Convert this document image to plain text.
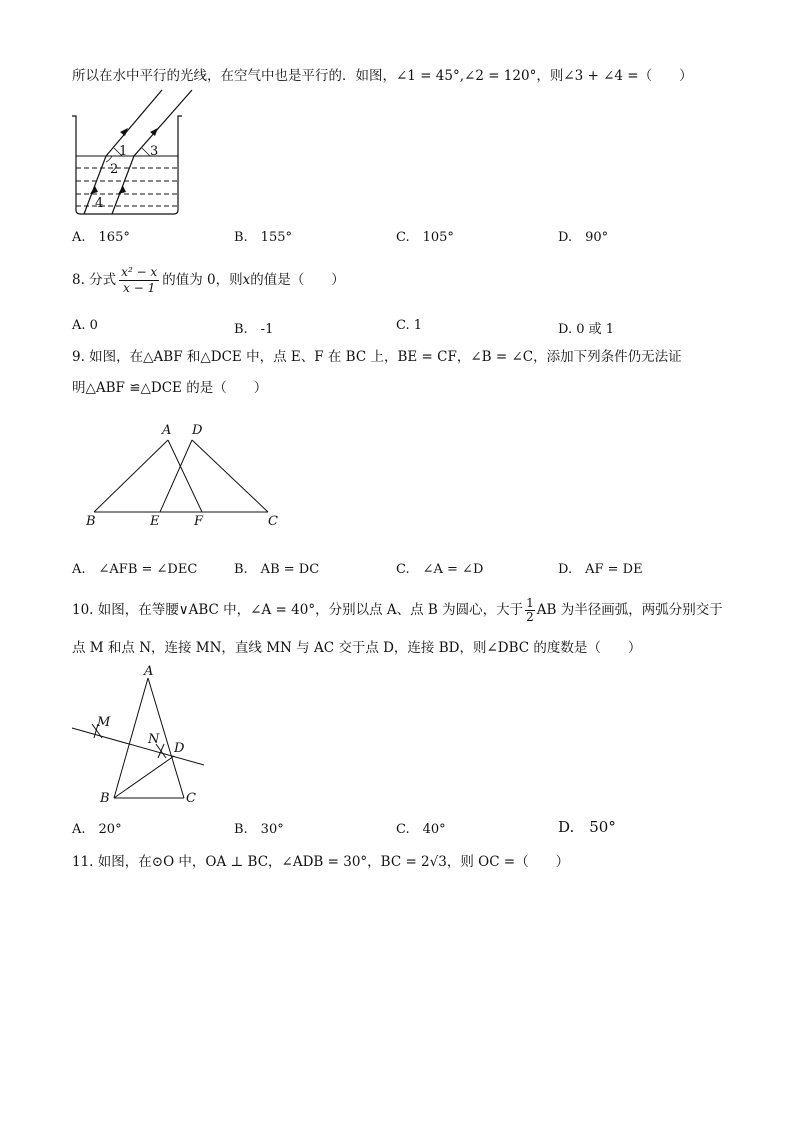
所以在水中平行的光线，在空气中也是平行的．如图，∠1 = 45°,∠2 = 120°，则∠3 + ∠4 =（　　）
1 3
2
4
A.　165°	B.　155°	C.　105°	D.　90°
8. 分式 $\frac{\text{x² − x}}{x - 1}$ 的值为 0，则x的值是（　　）
A. 0	B.　-1	C. 1	D. 0 或 1
9. 如图，在△ABF 和△DCE 中，点 E、F 在 BC 上，BE = CF，∠B = ∠C，添加下列条件仍无法证
明△ABF ≌△DCE 的是（　　）
A D
B	E	F	C
A.　∠AFB = ∠DEC	B.　AB = DC	C.　∠A = ∠D	D.　AF = DE
10. 如图，在等腰∨ABC 中，∠A = 40°，分别以点 A、点 B 为圆心，大于 $\frac{1}{2}$ AB 为半径画弧，两弧分别交于
点 M 和点 N，连接 MN，直线 MN 与 AC 交于点 D，连接 BD，则∠DBC 的度数是（　　）
A
M
N
D
B	C
A.　20°	B.　30°	C.　40°	D.　50°
11. 如图，在⊙O 中，OA ⊥ BC，∠ADB = 30°，BC = 2√3，则 OC =（　　）
